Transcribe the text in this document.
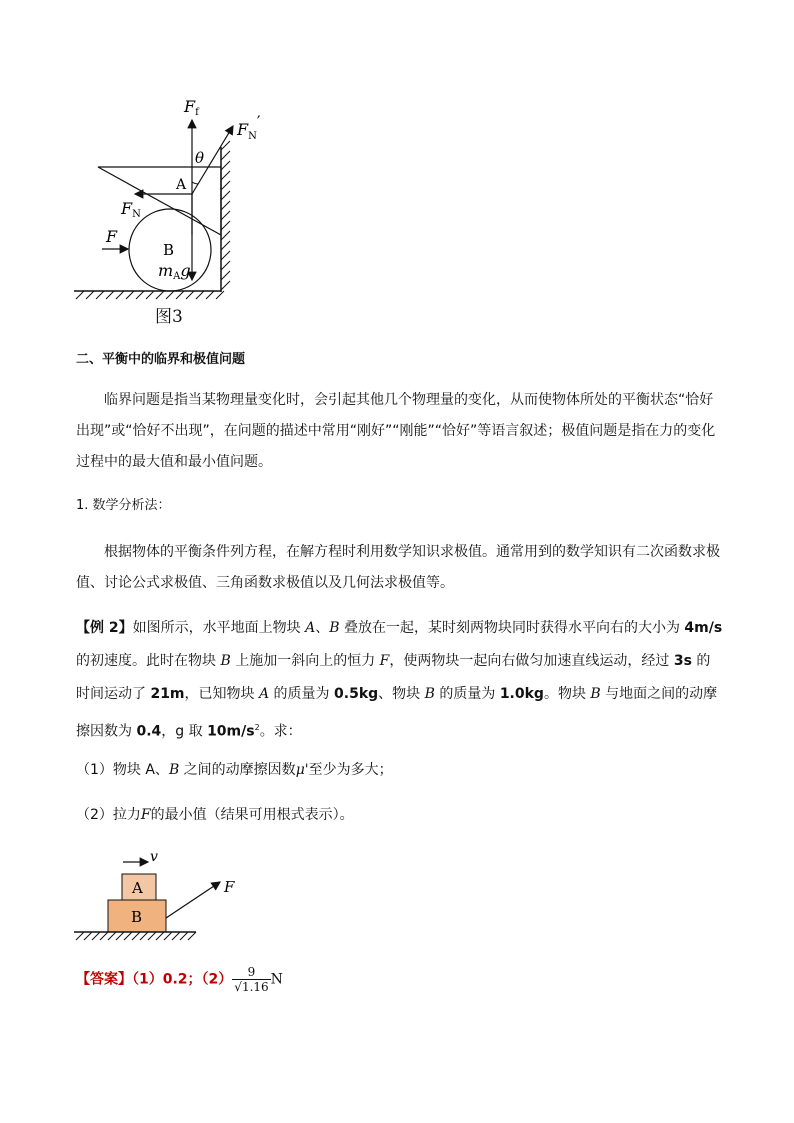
Ff
$F_N'$
θ
A
FN
F
B
mAg
图3
二、平衡中的临界和极值问题
临界问题是指当某物理量变化时，会引起其他几个物理量的变化，从而使物体所处的平衡状态“恰好出现”或“恰好不出现”，在问题的描述中常用“刚好”“刚能”“恰好”等语言叙述；极值问题是指在力的变化过程中的最大值和最小值问题。
1. 数学分析法：
根据物体的平衡条件列方程，在解方程时利用数学知识求极值。通常用到的数学知识有二次函数求极值、讨论公式求极值、三角函数求极值以及几何法求极值等。
【例 2】如图所示，水平地面上物块 A、B 叠放在一起，某时刻两物块同时获得水平向右的大小为 4m/s 的初速度。此时在物块 B 上施加一斜向上的恒力 F，使两物块一起向右做匀加速直线运动，经过 3s 的时间运动了 21m，已知物块 A 的质量为 0.5kg、物块 B 的质量为 1.0kg。物块 B 与地面之间的动摩擦因数为 0.4，g 取 $10m/s^2$。求：
（1）物块 A、B 之间的动摩擦因数μ'至少为多大；
（2）拉力F的最小值（结果可用根式表示）。
v
A
B
F
【答案】（1）0.2；$(2) \frac{9}{√1.16}$ N
